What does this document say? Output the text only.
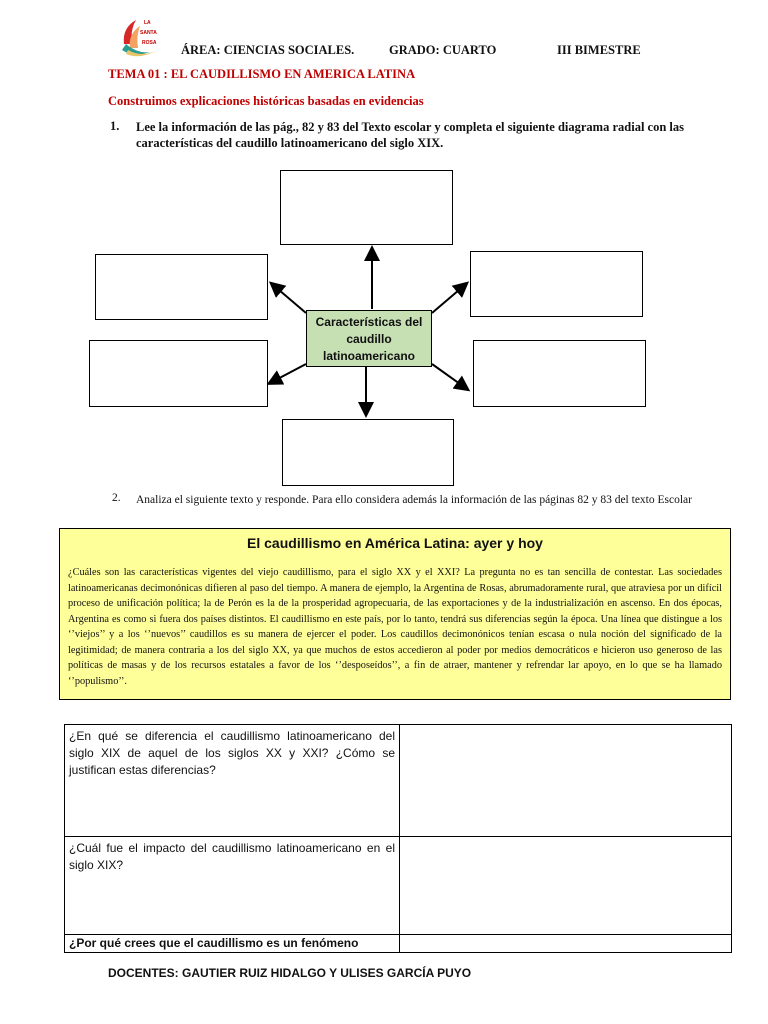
LA
SANTA
ROSA ÁREA: CIENCIAS SOCIALES.	GRADO: CUARTO	III BIMESTRE
TEMA 01 : EL CAUDILLISMO EN AMERICA LATINA
Construimos explicaciones históricas basadas en evidencias
1. Lee la información de las pág., 82 y 83 del Texto escolar y completa el siguiente diagrama radial con las características del caudillo latinoamericano del siglo XIX.
Características del caudillo latinoamericano
2. Analiza el siguiente texto y responde. Para ello considera además la información de las páginas 82 y 83 del texto Escolar
El caudillismo en América Latina: ayer y hoy

¿Cuáles son las características vigentes del viejo caudillismo, para el siglo XX y el XXI? La pregunta no es tan sencilla de contestar. Las sociedades latinoamericanas decimonónicas difieren al paso del tiempo. A manera de ejemplo, la Argentina de Rosas, abrumadoramente rural, que atraviesa por un difícil proceso de unificación política; la de Perón es la de la prosperidad agropecuaria, de las exportaciones y de la industrialización en ascenso. En dos épocas, Argentina es como si fuera dos países distintos. El caudillismo en este país, por lo tanto, tendrá sus diferencias según la época. Una línea que distingue a los ‘’viejos’’ y a los ‘’nuevos’’ caudillos es su manera de ejercer el poder. Los caudillos decimonónicos tenían escasa o nula noción del significado de la legitimidad; de manera contraria a los del siglo XX, ya que muchos de estos accedieron al poder por medios democráticos e hicieron uso generoso de las políticas de masas y de los recursos estatales a favor de los ‘’desposeídos’’, a fin de atraer, mantener y refrendar lar apoyo, en lo que se ha llamado ‘’populismo’’.

¿En qué se diferencia el caudillismo latinoamericano del siglo XIX de aquel de los siglos XX y XXI? ¿Cómo se justifican estas diferencias?	
¿Cuál fue el impacto del caudillismo latinoamericano en el siglo XIX?	
¿Por qué crees que el caudillismo es un fenómeno	
DOCENTES: GAUTIER RUIZ HIDALGO Y ULISES GARCÍA PUYO
